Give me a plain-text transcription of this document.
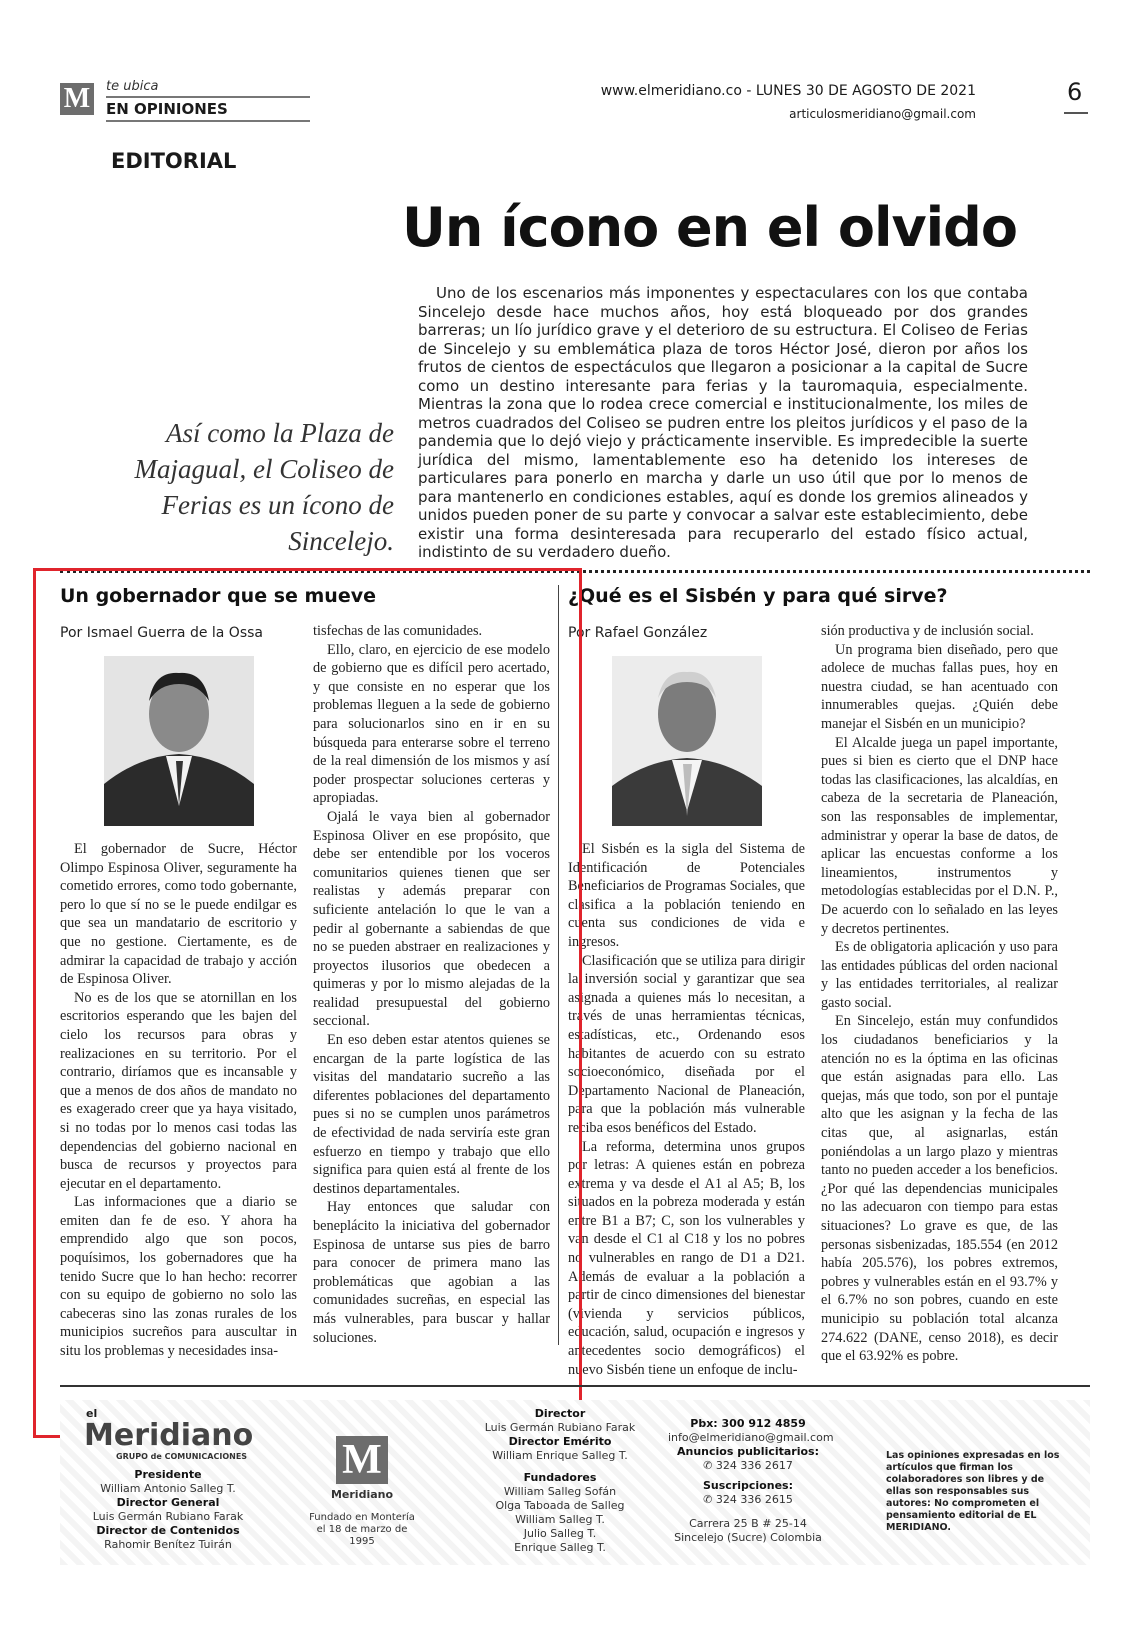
M te ubica
EN OPINIONES
www.elmeridiano.co - LUNES 30 DE AGOSTO DE 2021
articulosmeridiano@gmail.com
6
EDITORIAL
Un ícono en el olvido
Así como la Plaza de Majagual, el Coliseo de Ferias es un ícono de Sincelejo.

Uno de los escenarios más imponentes y espectaculares con los que contaba Sincelejo desde hace muchos años, hoy está bloqueado por dos grandes barreras; un lío jurídico grave y el deterioro de su estructura. El Coliseo de Ferias de Sincelejo y su emblemática plaza de toros Héctor José, dieron por años los frutos de cientos de espectáculos que llegaron a posicionar a la capital de Sucre como un destino interesante para ferias y la tauromaquia, especialmente. Mientras la zona que lo rodea crece comercial e institucionalmente, los miles de metros cuadrados del Coliseo se pudren entre los pleitos jurídicos y el paso de la pandemia que lo dejó viejo y prácticamente inservible. Es impredecible la suerte jurídica del mismo, lamentablemente eso ha detenido los intereses de particulares para ponerlo en marcha y darle un uso útil que por lo menos de para mantenerlo en condiciones estables, aquí es donde los gremios alineados y unidos pueden poner de su parte y convocar a salvar este establecimiento, debe existir una forma desinteresada para recuperarlo del estado físico actual, indistinto de su verdadero dueño.

Un gobernador que se mueve
Por Ismael Guerra de la Ossa

El gobernador de Sucre, Héctor Olimpo Espinosa Oliver, seguramente ha cometido errores, como todo gobernante, pero lo que sí no se le puede endilgar es que sea un mandatario de escritorio y que no gestione. Ciertamente, es de admirar la capacidad de trabajo y acción de Espinosa Oliver.

No es de los que se atornillan en los escritorios esperando que les bajen del cielo los recursos para obras y realizaciones en su territorio. Por el contrario, diríamos que es incansable y que a menos de dos años de mandato no es exagerado creer que ya haya visitado, si no todas por lo menos casi todas las dependencias del gobierno nacional en busca de recursos y proyectos para ejecutar en el departamento.

Las informaciones que a diario se emiten dan fe de eso. Y ahora ha emprendido algo que son pocos, poquísimos, los gobernadores que ha tenido Sucre que lo han hecho: recorrer con su equipo de gobierno no solo las cabeceras sino las zonas rurales de los municipios sucreños para auscultar in situ los problemas y necesidades insa-

tisfechas de las comunidades.

Ello, claro, en ejercicio de ese modelo de gobierno que es difícil pero acertado, y que consiste en no esperar que los problemas lleguen a la sede de gobierno para solucionarlos sino en ir en su búsqueda para enterarse sobre el terreno de la real dimensión de los mismos y así poder prospectar soluciones certeras y apropiadas.

Ojalá le vaya bien al gobernador Espinosa Oliver en ese propósito, que debe ser entendible por los voceros comunitarios quienes tienen que ser realistas y además preparar con suficiente antelación lo que le van a pedir al gobernante a sabiendas de que no se pueden abstraer en realizaciones y proyectos ilusorios que obedecen a quimeras y por lo mismo alejadas de la realidad presupuestal del gobierno seccional.

En eso deben estar atentos quienes se encargan de la parte logística de las visitas del mandatario sucreño a las diferentes poblaciones del departamento pues si no se cumplen unos parámetros de efectividad de nada serviría este gran esfuerzo en tiempo y trabajo que ello significa para quien está al frente de los destinos departamentales.

Hay entonces que saludar con beneplácito la iniciativa del gobernador Espinosa de untarse sus pies de barro para conocer de primera mano las problemáticas que agobian a las comunidades sucreñas, en especial las más vulnerables, para buscar y hallar soluciones.

¿Qué es el Sisbén y para qué sirve?
Por Rafael González

El Sisbén es la sigla del Sistema de Identificación de Potenciales Beneficiarios de Programas Sociales, que clasifica a la población teniendo en cuenta sus condiciones de vida e ingresos.

Clasificación que se utiliza para dirigir la inversión social y garantizar que sea asignada a quienes más lo necesitan, a través de unas herramientas técnicas, estadísticas, etc., Ordenando esos habitantes de acuerdo con su estrato socioeconómico, diseñada por el Departamento Nacional de Planeación, para que la población más vulnerable reciba esos benéficos del Estado.

La reforma, determina unos grupos por letras: A quienes están en pobreza extrema y va desde el A1 al A5; B, los situados en la pobreza moderada y están entre B1 a B7; C, son los vulnerables y van desde el C1 al C18 y los no pobres no vulnerables en rango de D1 a D21. Además de evaluar a la población a partir de cinco dimensiones del bienestar (vivienda y servicios públicos, educación, salud, ocupación e ingresos y antecedentes socio demográficos) el nuevo Sisbén tiene un enfoque de inclu-

sión productiva y de inclusión social.

Un programa bien diseñado, pero que adolece de muchas fallas pues, hoy en nuestra ciudad, se han acentuado con innumerables quejas. ¿Quién debe manejar el Sisbén en un municipio?

El Alcalde juega un papel importante, pues si bien es cierto que el DNP hace todas las clasificaciones, las alcaldías, en cabeza de la secretaria de Planeación, son las responsables de implementar, administrar y operar la base de datos, de aplicar las encuestas conforme a los lineamientos, instrumentos y metodologías establecidas por el D.N. P., De acuerdo con lo señalado en las leyes y decretos pertinentes.

Es de obligatoria aplicación y uso para las entidades públicas del orden nacional y las entidades territoriales, al realizar gasto social.

En Sincelejo, están muy confundidos los ciudadanos beneficiarios y la atención no es la óptima en las oficinas que están asignadas para ello. Las quejas, más que todo, son por el puntaje alto que les asignan y la fecha de las citas que, al asignarlas, están poniéndolas a un largo plazo y mientras tanto no pueden acceder a los beneficios. ¿Por qué las dependencias municipales no las adecuaron con tiempo para estas situaciones? Lo grave es que, de las personas sisbenizadas, 185.554 (en 2012 había 205.576), los pobres extremos, pobres y vulnerables están en el 93.7% y el 6.7% no son pobres, cuando en este municipio su población total alcanza 274.622 (DANE, censo 2018), es decir que el 63.92% es pobre.

el
Meridiano
GRUPO de COMUNICACIONES
Presidente
William Antonio Salleg T.
Director General
Luis Germán Rubiano Farak
Director de Contenidos
Rahomir Benítez Tuirán
M
Meridiano
Fundado en Montería el 18 de marzo de 1995
Director
Luis Germán Rubiano Farak
Director Emérito
William Enrique Salleg T.
Fundadores
William Salleg Sofán
Olga Taboada de Salleg
William Salleg T.
Julio Salleg T.
Enrique Salleg T.
Pbx: 300 912 4859
info@elmeridiano@gmail.com
Anuncios publicitarios:
✆ 324 336 2617
Suscripciones:
✆ 324 336 2615
Carrera 25 B # 25-14
Sincelejo (Sucre) Colombia
Las opiniones expresadas en los artículos que firman los colaboradores son libres y de ellas son responsables sus autores: No comprometen el pensamiento editorial de EL MERIDIANO.
